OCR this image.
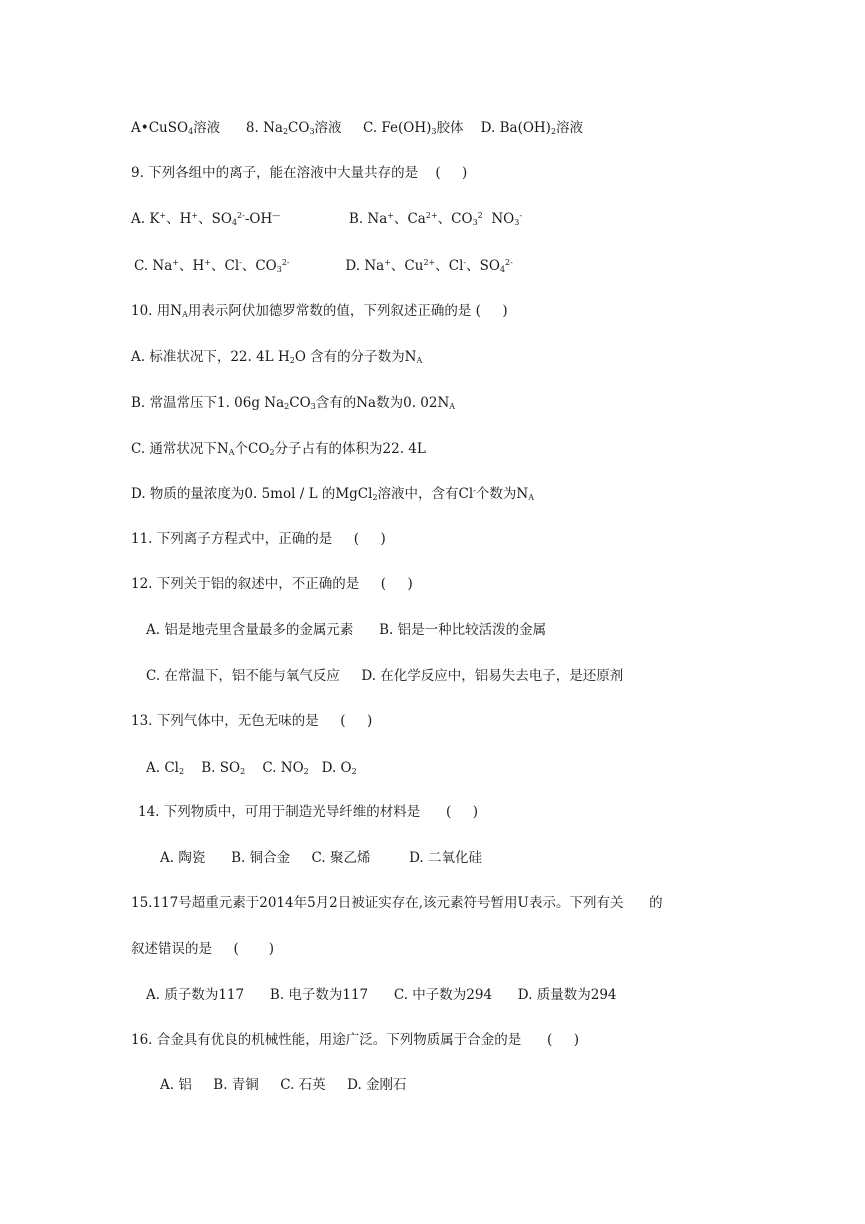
A•CuSO$_4$溶液      8. $Na_2CO_3$溶液     C. $Fe(OH)_3$胶体    D. $Ba(OH)_2$溶液
9. 下列各组中的离子，能在溶液中大量共存的是    (     )
A. K+、H+、$SO_4^{2-}-OH^—$                B. Na+、$Ca^{2+}$、$CO_3^2$  $NO_3^-$
C. Na+、H+、Cl-、$CO_3^{2-}$             D. Na+、$Cu^{2+}$、Cl-、$SO_4^{2-}$
10. 用$N_A$用表示阿伏加德罗常数的值，下列叙述正确的是 (     )
A. 标准状况下，22. 4L $H_2O$ 含有的分子数为$N_A$
B. 常温常压下1. 06g $Na_2CO_3$含有的Na数为0. $02N_A$
C. 通常状况下$N_A$个$CO_2$分子占有的体积为22. 4L
D. 物质的量浓度为0. 5mol / L 的MgCl$_2$溶液中，含有Cl-个数为$N_A$
11. 下列离子方程式中，正确的是     (     )
12. 下列关于铝的叙述中，不正确的是     (     )
A. 铝是地壳里含量最多的金属元素      B. 铝是一种比较活泼的金属
C. 在常温下，铝不能与氧气反应     D. 在化学反应中，铝易失去电子，是还原剂
13. 下列气体中，无色无味的是     (     )
A. $Cl_2$    B. $SO_2$    C. $NO_2$   D. $O_2$
14. 下列物质中，可用于制造光导纤维的材料是      (     )
A. 陶瓷      B. 铜合金     C. 聚乙烯         D. 二氧化硅
15.117号超重元素于2014年5月2日被证实存在,该元素符号暂用U表示。下列有关      的
叙述错误的是     (       )
A. 质子数为117      B. 电子数为117      C. 中子数为294      D. 质量数为294
16. 合金具有优良的机械性能，用途广泛。下列物质属于合金的是      (     )
A. 铝     B. 青铜     C. 石英     D. 金刚石
